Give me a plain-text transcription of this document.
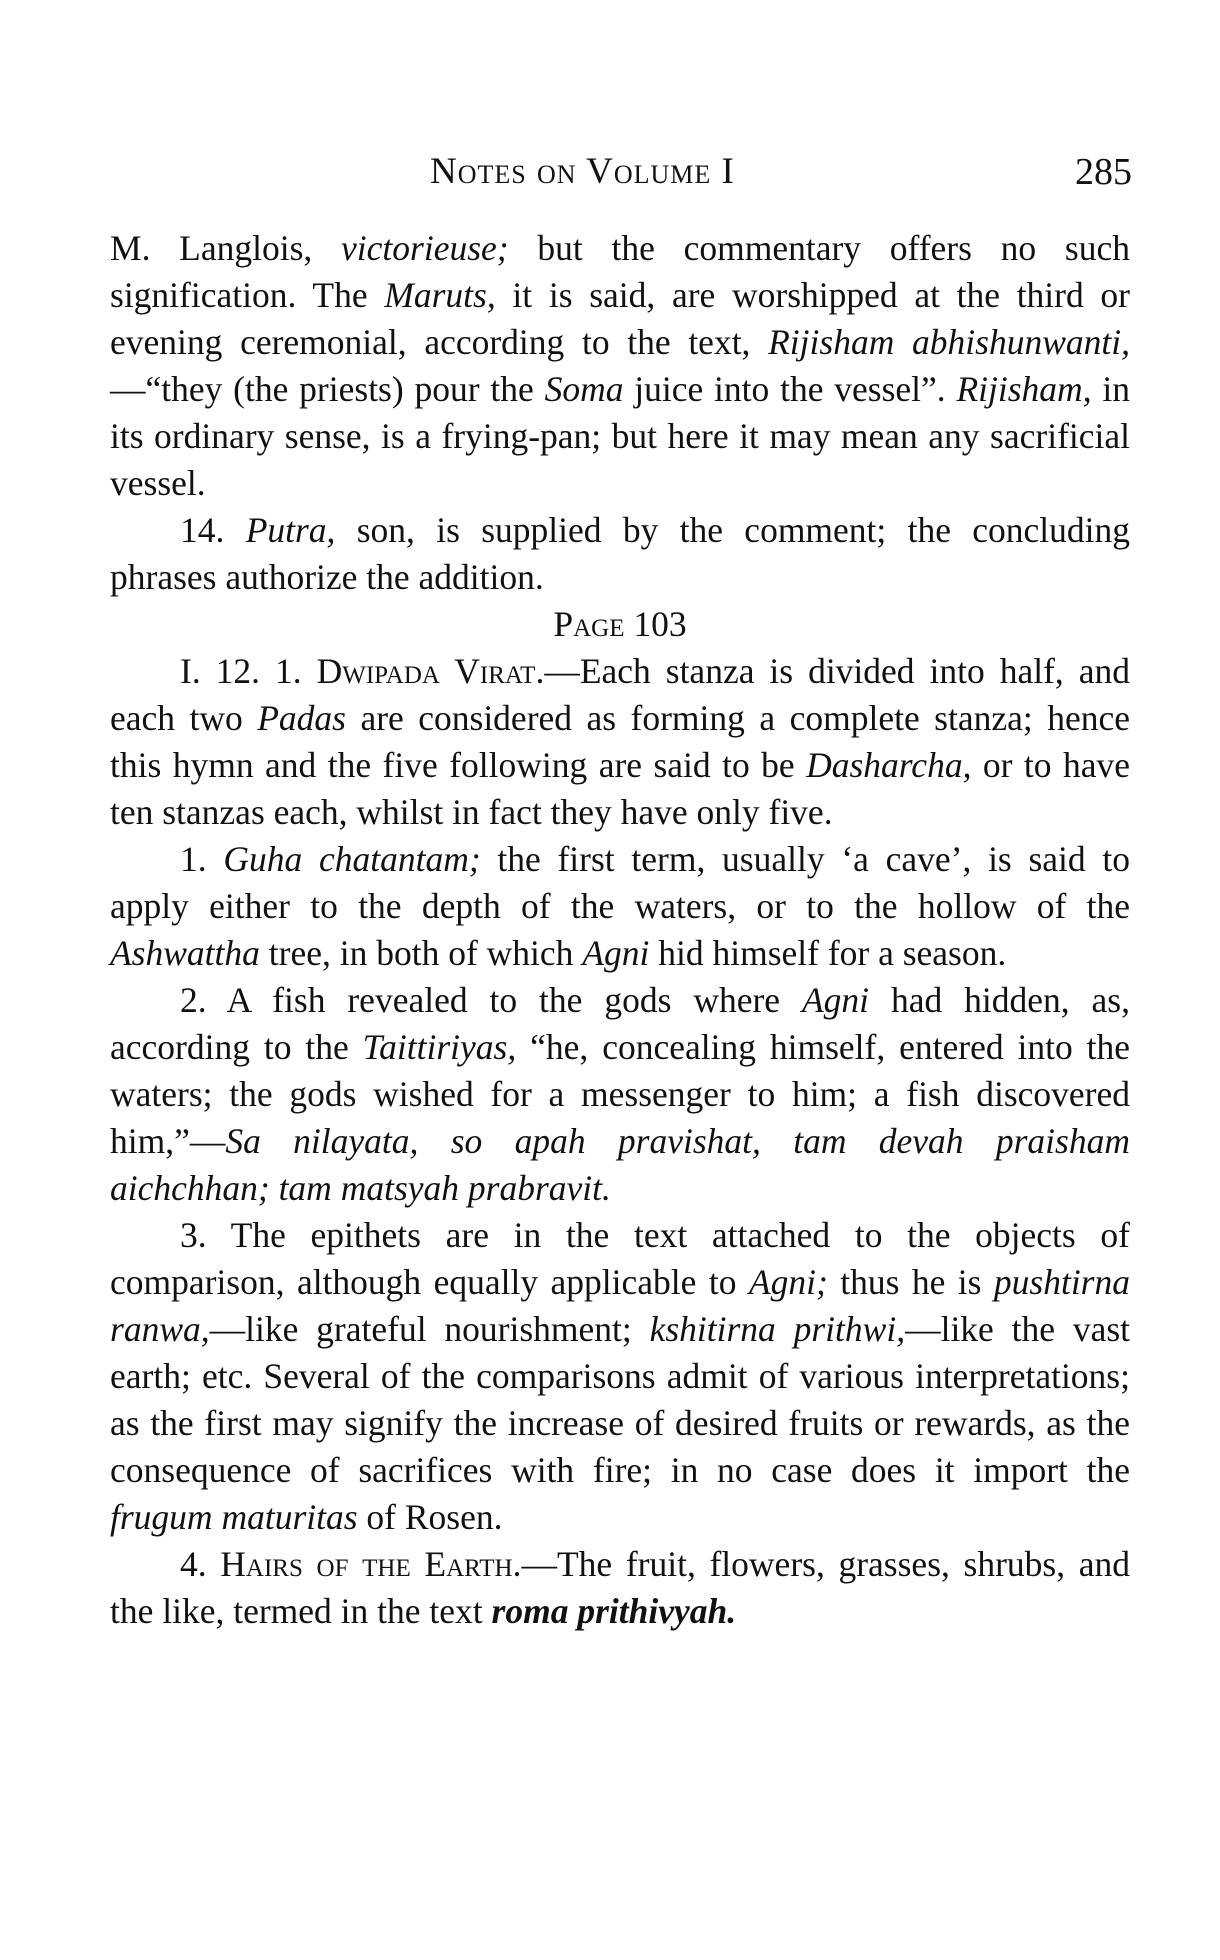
Notes on Volume I	285

M. Langlois, victorieuse; but the commentary offers no such signification. The Maruts, it is said, are worshipped at the third or evening ceremonial, according to the text, Rijisham abhishunwanti,—“they (the priests) pour the Soma juice into the vessel”. Rijisham, in its ordinary sense, is a frying-pan; but here it may mean any sacrificial vessel.

14. Putra, son, is supplied by the comment; the concluding phrases authorize the addition.

Page 103

I. 12. 1. Dwipada Virat.—Each stanza is divided into half, and each two Padas are considered as forming a complete stanza; hence this hymn and the five following are said to be Dasharcha, or to have ten stanzas each, whilst in fact they have only five.

1. Guha chatantam; the first term, usually ‘a cave’, is said to apply either to the depth of the waters, or to the hollow of the Ashwattha tree, in both of which Agni hid himself for a season.

2. A fish revealed to the gods where Agni had hidden, as, according to the Taittiriyas, “he, concealing himself, entered into the waters; the gods wished for a messenger to him; a fish discovered him,”—Sa nilayata, so apah pravishat, tam devah praisham aichchhan; tam matsyah prabravit.

3. The epithets are in the text attached to the objects of comparison, although equally applicable to Agni; thus he is pushtirna ranwa,—like grateful nourishment; kshitirna prithwi,—like the vast earth; etc. Several of the comparisons admit of various interpretations; as the first may signify the increase of desired fruits or rewards, as the consequence of sacrifices with fire; in no case does it import the frugum maturitas of Rosen.

4. Hairs of the Earth.—The fruit, flowers, grasses, shrubs, and the like, termed in the text roma prithivyah.
